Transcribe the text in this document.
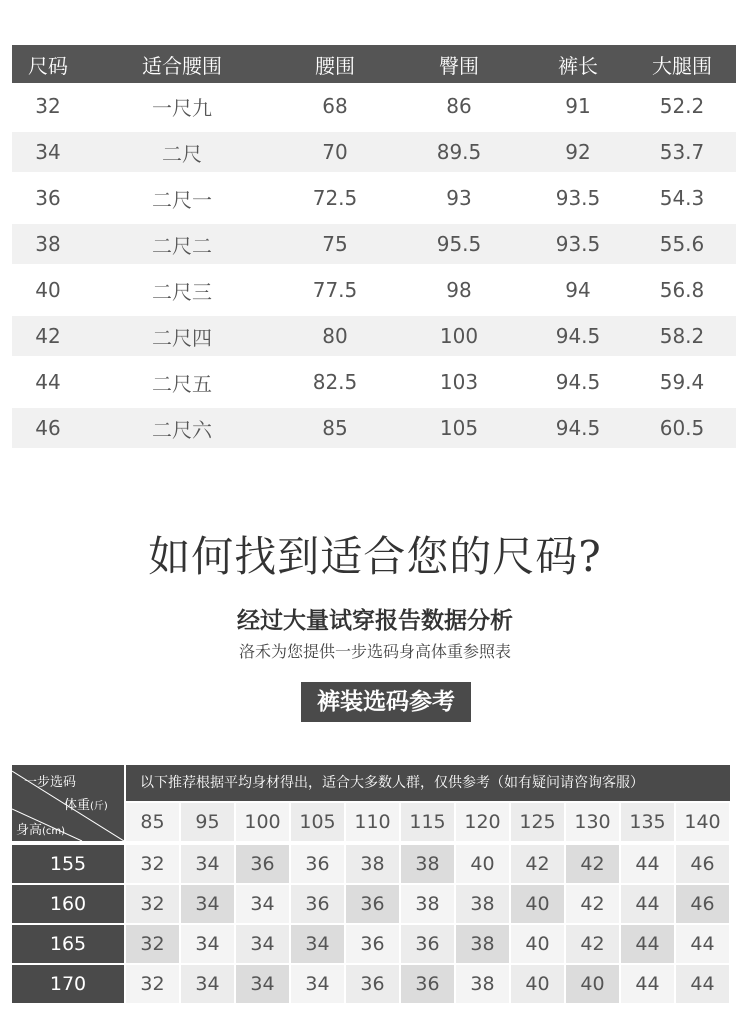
尺码	适合腰围	腰围	臀围	裤长	大腿围
32	一尺九	68	86	91	52.2
34	二尺	70	89.5	92	53.7
36	二尺一	72.5	93	93.5	54.3
38	二尺二	75	95.5	93.5	55.6
40	二尺三	77.5	98	94	56.8
42	二尺四	80	100	94.5	58.2
44	二尺五	82.5	103	94.5	59.4
46	二尺六	85	105	94.5	60.5
如何找到适合您的尺码?
经过大量试穿报告数据分析
洛禾为您提供一步选码身高体重参照表
裤装选码参考
一步选码
体重(斤)
身高(cm)
以下推荐根据平均身材得出，适合大多数人群，仅供参考（如有疑问请咨询客服）
85	95	100 105 110 115 120 125 130 135 140
155	32	34	36	36	38	38	40	42	42	44	46
160	32	34	34	36	36	38	38	40	42	44	46
165	32	34	34	34	36	36	38	40	42	44	44
170	32	34	34	34	36	36	38	40	40	44	44
